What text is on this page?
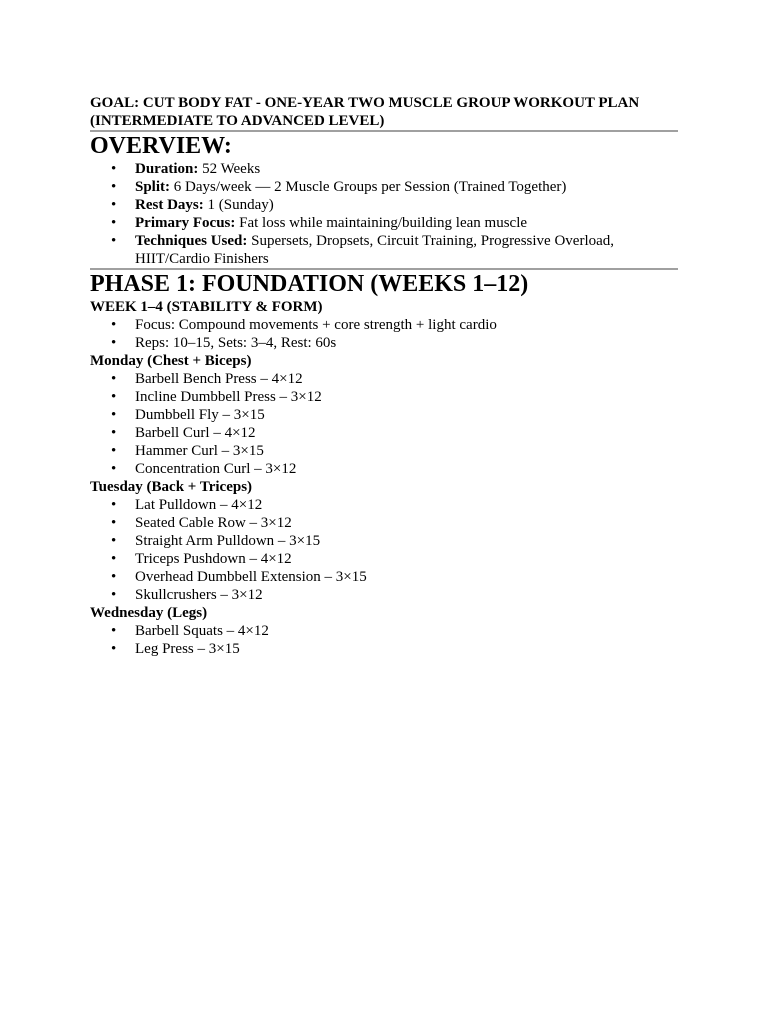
GOAL: CUT BODY FAT - ONE-YEAR TWO MUSCLE GROUP WORKOUT PLAN
(INTERMEDIATE TO ADVANCED LEVEL)
OVERVIEW:
• Duration: 52 Weeks
• Split: 6 Days/week — 2 Muscle Groups per Session (Trained Together)
• Rest Days: 1 (Sunday)
• Primary Focus: Fat loss while maintaining/building lean muscle
• Techniques Used: Supersets, Dropsets, Circuit Training, Progressive Overload, HIIT/Cardio Finishers
PHASE 1: FOUNDATION (WEEKS 1–12)
WEEK 1–4 (STABILITY & FORM)
• Focus: Compound movements + core strength + light cardio
• Reps: 10–15, Sets: 3–4, Rest: 60s
Monday (Chest + Biceps)
• Barbell Bench Press – 4×12
• Incline Dumbbell Press – 3×12
• Dumbbell Fly – 3×15
• Barbell Curl – 4×12
• Hammer Curl – 3×15
• Concentration Curl – 3×12
Tuesday (Back + Triceps)
• Lat Pulldown – 4×12
• Seated Cable Row – 3×12
• Straight Arm Pulldown – 3×15
• Triceps Pushdown – 4×12
• Overhead Dumbbell Extension – 3×15
• Skullcrushers – 3×12
Wednesday (Legs)
• Barbell Squats – 4×12
• Leg Press – 3×15
